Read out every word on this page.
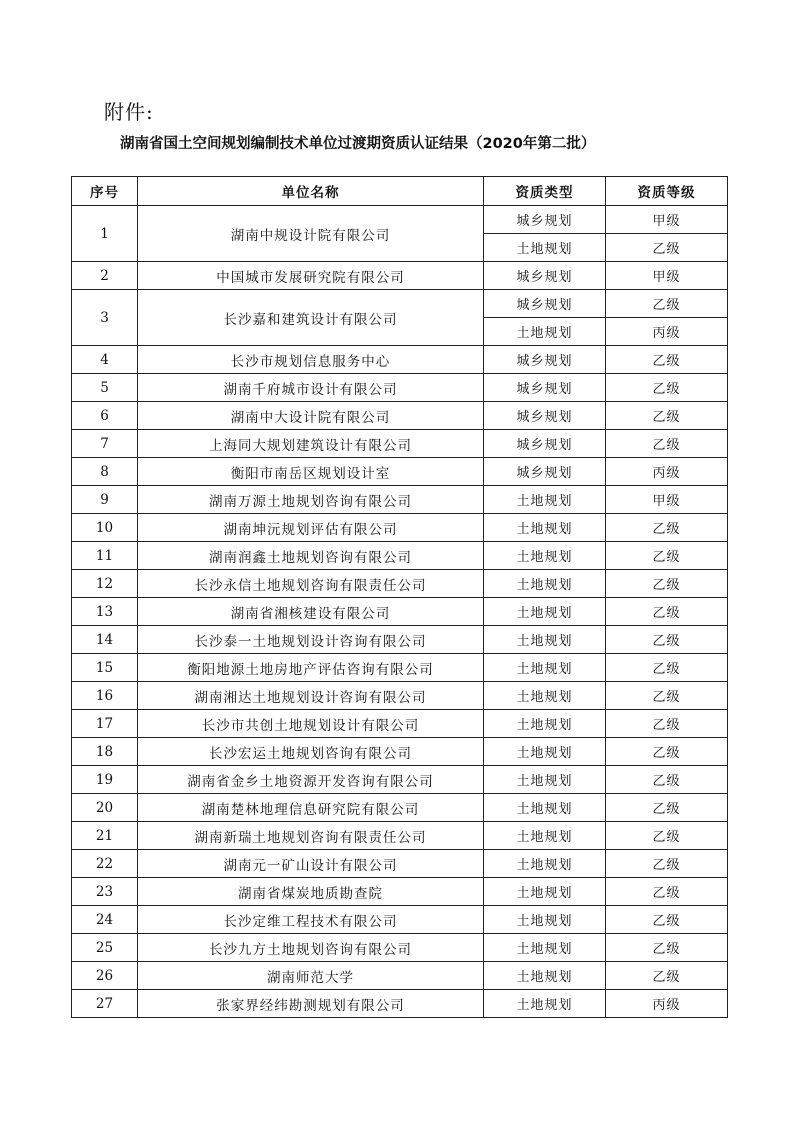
附件:
湖南省国土空间规划编制技术单位过渡期资质认证结果（2020年第二批）
序号	单位名称	资质类型	资质等级
1	湖南中规设计院有限公司	城乡规划	甲级
		土地规划	乙级
2	中国城市发展研究院有限公司	城乡规划	甲级
3	长沙嘉和建筑设计有限公司	城乡规划	乙级
		土地规划	丙级
4	长沙市规划信息服务中心	城乡规划	乙级
5	湖南千府城市设计有限公司	城乡规划	乙级
6	湖南中大设计院有限公司	城乡规划	乙级
7	上海同大规划建筑设计有限公司	城乡规划	乙级
8	衡阳市南岳区规划设计室	城乡规划	丙级
9	湖南万源土地规划咨询有限公司	土地规划	甲级
10	湖南坤沅规划评估有限公司	土地规划	乙级
11	湖南润鑫土地规划咨询有限公司	土地规划	乙级
12	长沙永信土地规划咨询有限责任公司	土地规划	乙级
13	湖南省湘核建设有限公司	土地规划	乙级
14	长沙泰一土地规划设计咨询有限公司	土地规划	乙级
15	衡阳地源土地房地产评估咨询有限公司	土地规划	乙级
16	湖南湘达土地规划设计咨询有限公司	土地规划	乙级
17	长沙市共创土地规划设计有限公司	土地规划	乙级
18	长沙宏运土地规划咨询有限公司	土地规划	乙级
19	湖南省金乡土地资源开发咨询有限公司	土地规划	乙级
20	湖南楚林地理信息研究院有限公司	土地规划	乙级
21	湖南新瑞土地规划咨询有限责任公司	土地规划	乙级
22	湖南元一矿山设计有限公司	土地规划	乙级
23	湖南省煤炭地质勘查院	土地规划	乙级
24	长沙定维工程技术有限公司	土地规划	乙级
25	长沙九方土地规划咨询有限公司	土地规划	乙级
26	湖南师范大学	土地规划	乙级
27	张家界经纬勘测规划有限公司	土地规划	丙级
